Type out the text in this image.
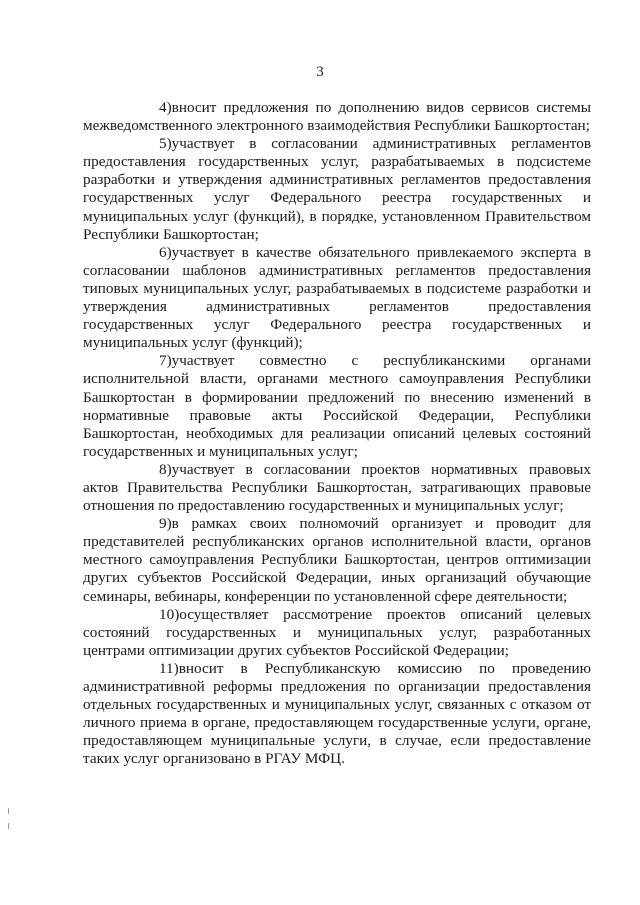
3

4)вносит предложения по дополнению видов сервисов системы межведомственного электронного взаимодействия Республики Башкортостан;

5)участвует в согласовании административных регламентов предоставления государственных услуг, разрабатываемых в подсистеме разработки и утверждения административных регламентов предоставления государственных услуг Федерального реестра государственных и муниципальных услуг (функций), в порядке, установленном Правительством Республики Башкортостан;

6)участвует в качестве обязательного привлекаемого эксперта в согласовании шаблонов административных регламентов предоставления типовых муниципальных услуг, разрабатываемых в подсистеме разработки и утверждения административных регламентов предоставления государственных услуг Федерального реестра государственных и муниципальных услуг (функций);

7)участвует совместно с республиканскими органами исполнительной власти, органами местного самоуправления Республики Башкортостан в формировании предложений по внесению изменений в нормативные правовые акты Российской Федерации, Республики Башкортостан, необходимых для реализации описаний целевых состояний государственных и муниципальных услуг;

8)участвует в согласовании проектов нормативных правовых актов Правительства Республики Башкортостан, затрагивающих правовые отношения по предоставлению государственных и муниципальных услуг;

9)в рамках своих полномочий организует и проводит для представителей республиканских органов исполнительной власти, органов местного самоуправления Республики Башкортостан, центров оптимизации других субъектов Российской Федерации, иных организаций обучающие семинары, вебинары, конференции по установленной сфере деятельности;

10)осуществляет рассмотрение проектов описаний целевых состояний государственных и муниципальных услуг, разработанных центрами оптимизации других субъектов Российской Федерации;

11)вносит в Республиканскую комиссию по проведению административной реформы предложения по организации предоставления отдельных государственных и муниципальных услуг, связанных с отказом от личного приема в органе, предоставляющем государственные услуги, органе, предоставляющем муниципальные услуги, в случае, если предоставление таких услуг организовано в РГАУ МФЦ.
